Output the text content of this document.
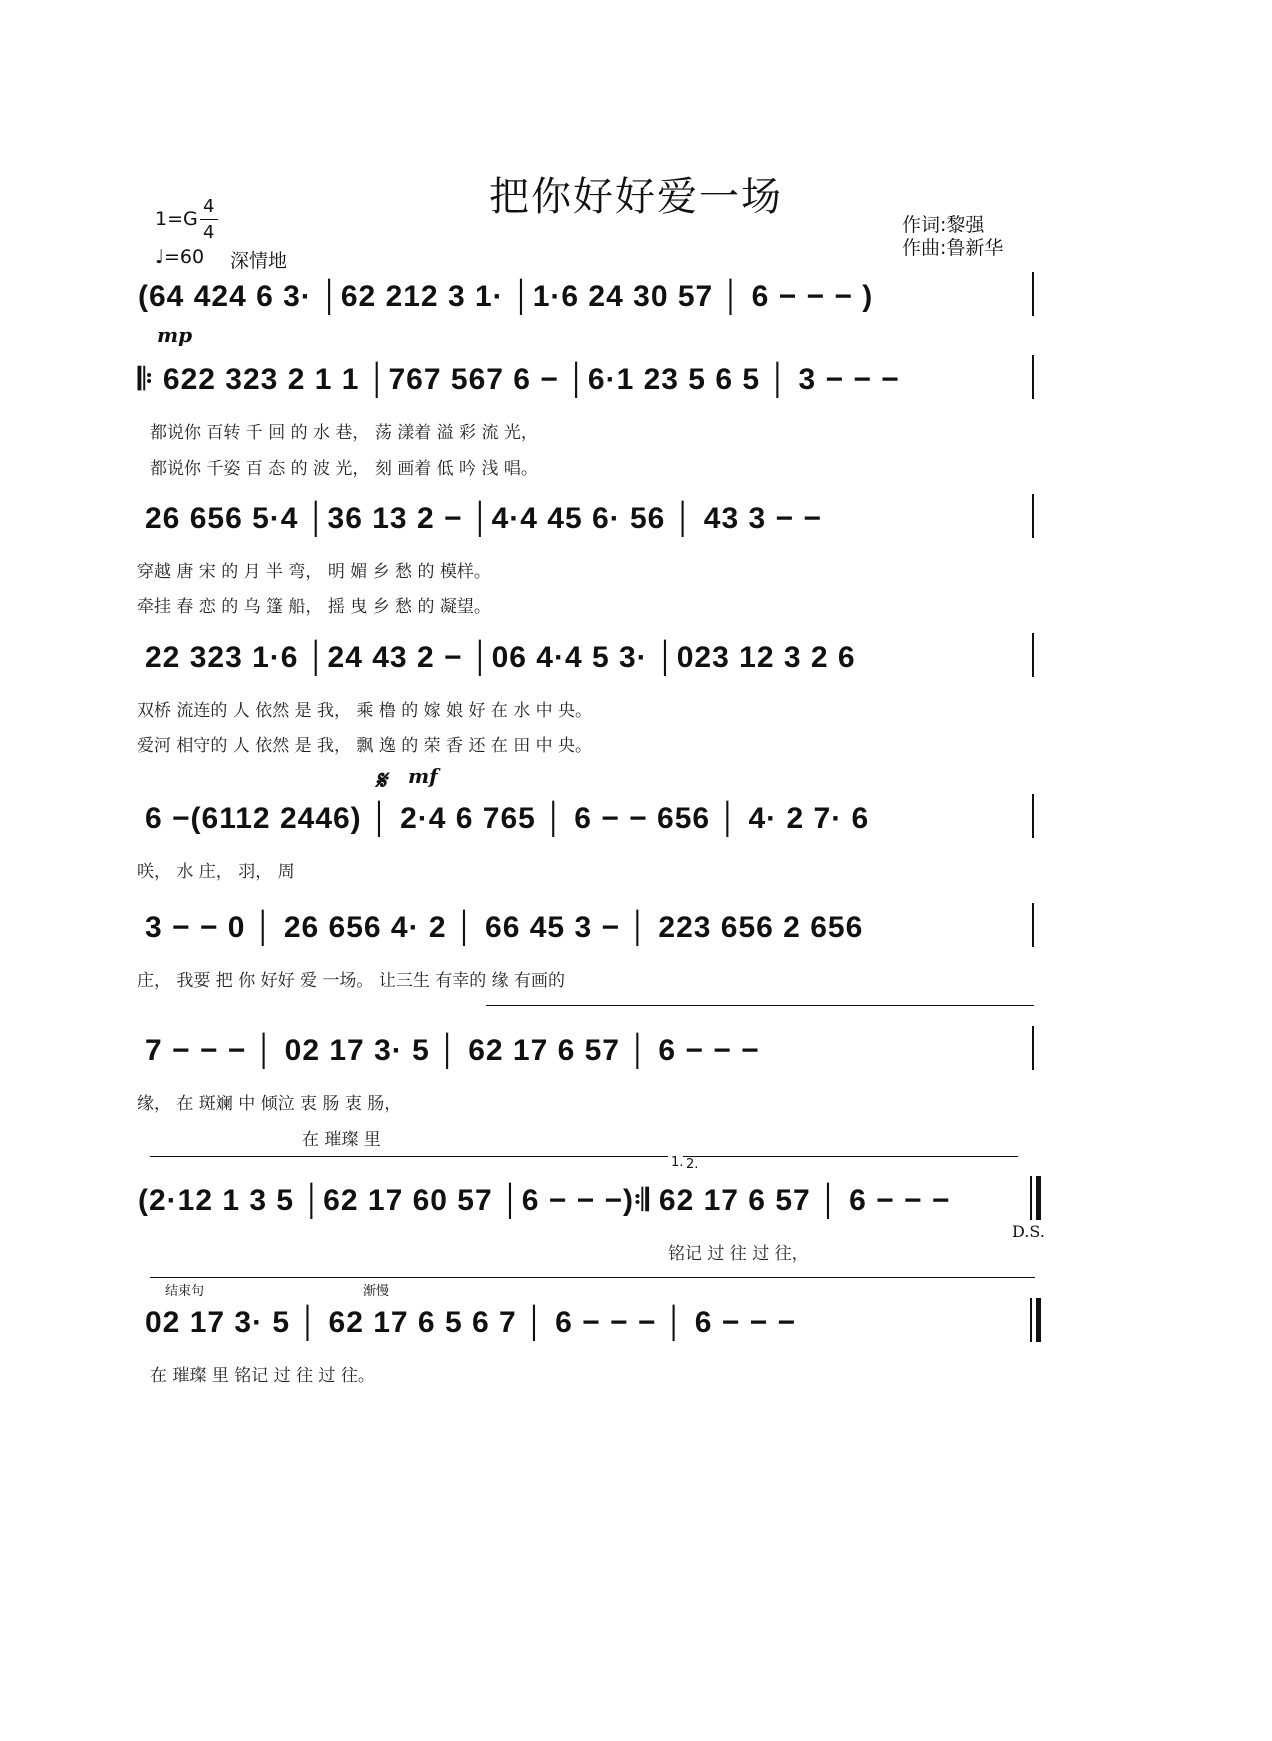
把你好好爱一场
1=G
4
4
♩=60 深情地
作词:黎强
作曲:鲁新华
(64 424 6 3· │62 212 3 1· │1·6 24 30 57 │ 6 − − − )
mp
𝄆 622 323 2 1 1 │767 567 6 − │6·1 23 5 6 5 │ 3 − − −
都说你 百转 千 回 的 水 巷， 荡 漾着 溢 彩 流 光，
都说你 千姿 百 态 的 波 光， 刻 画着 低 吟 浅 唱。
26 656 5·4 │36 13 2 − │4·4 45 6· 56 │ 43 3 − −
穿越 唐 宋 的 月 半 弯， 明 媚 乡 愁 的 模样。
牵挂 春 恋 的 乌 篷 船， 摇 曳 乡 愁 的 凝望。
22 323 1·6 │24 43 2 − │06 4·4 5 3· │023 12 3 2 6
双桥 流连的 人 依然 是 我， 乘 橹 的 嫁 娘 好 在 水 中 央。
爱河 相守的 人 依然 是 我， 飘 逸 的 荣 香 还 在 田 中 央。
𝄋 mf
6 −(6112 2446) │ 2·4 6 765 │ 6 − − 656 │ 4· 2 7· 6
咲， 水 庄， 羽， 周
3 − − 0 │ 26 656 4· 2 │ 66 45 3 − │ 223 656 2 656
庄， 我要 把 你 好好 爱 一场。 让三生 有幸的 缘 有画的
7 − − − │ 02 17 3· 5 │ 62 17 6 57 │ 6 − − −
缘， 在 斑斓 中 倾泣 衷 肠 衷 肠，
在 璀璨 里
1. 2.
(2·12 1 3 5 │62 17 60 57 │6 − − −)𝄇 62 17 6 57 │ 6 − − −
D.S.
铭记 过 往 过 往，
结束句	渐慢
02 17 3· 5 │ 62 17 6 5 6 7 │ 6 − − − │ 6 − − −
在 璀璨 里 铭记 过 往 过 往。
